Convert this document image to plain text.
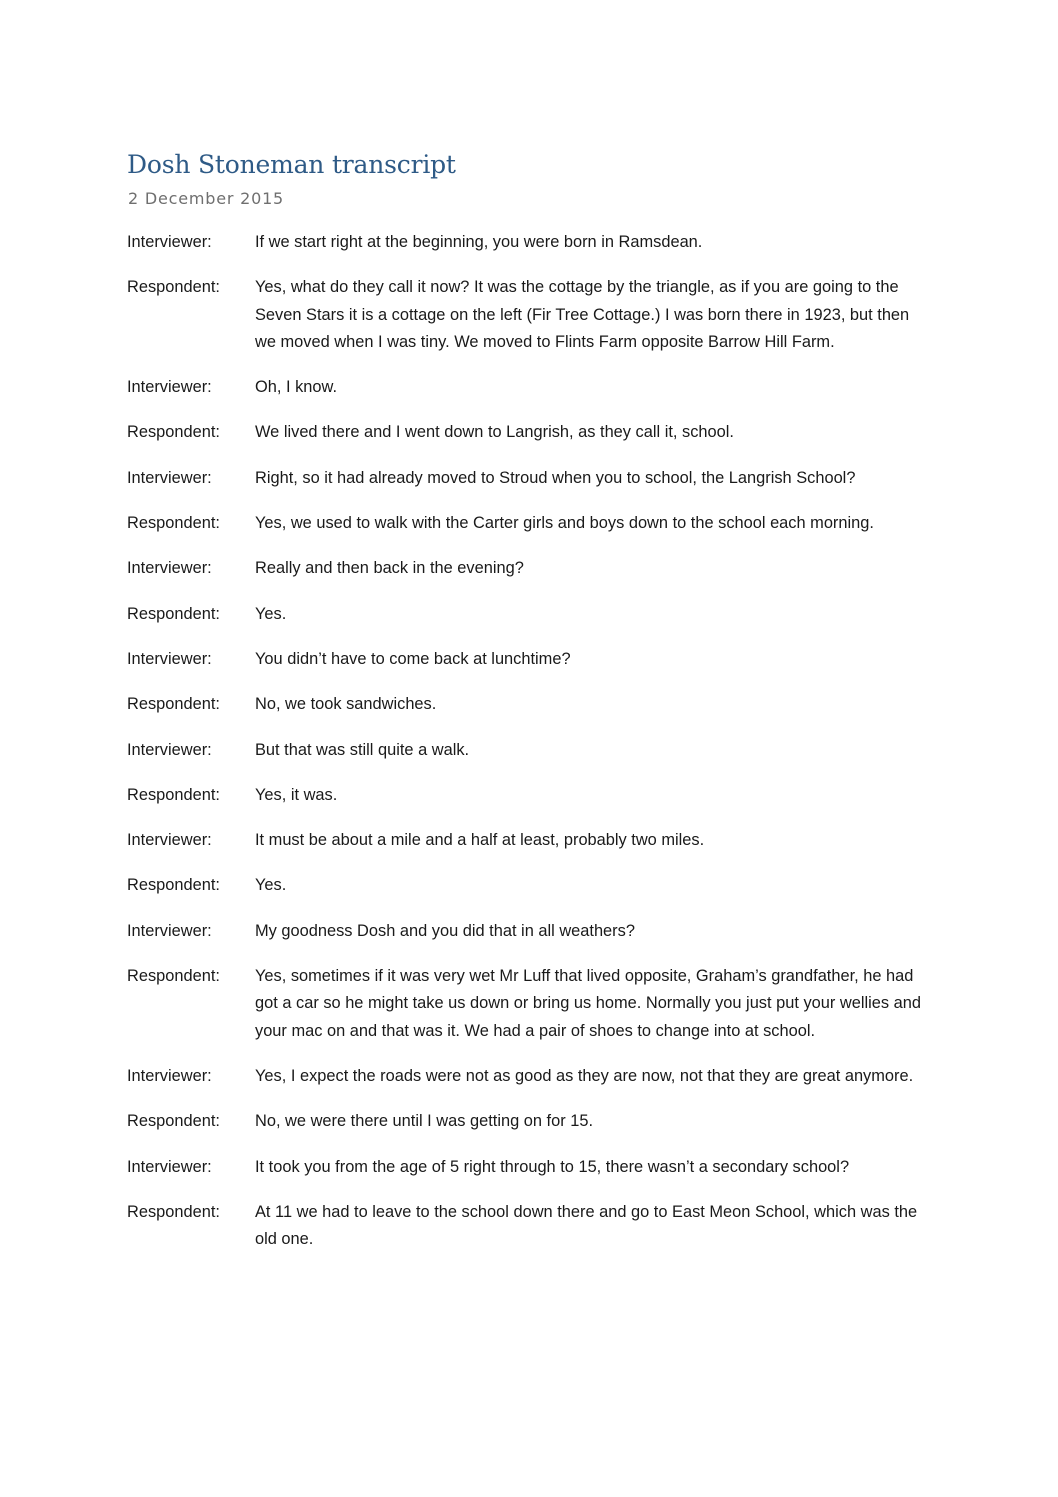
Dosh Stoneman transcript
2 December 2015
Interviewer:	If we start right at the beginning, you were born in Ramsdean.
Respondent:	Yes, what do they call it now? It was the cottage by the triangle, as if you are going to the Seven Stars it is a cottage on the left (Fir Tree Cottage.) I was born there in 1923, but then we moved when I was tiny. We moved to Flints Farm opposite Barrow Hill Farm.
Interviewer:	Oh, I know.
Respondent:	We lived there and I went down to Langrish, as they call it, school.
Interviewer:	Right, so it had already moved to Stroud when you to school, the Langrish School?
Respondent:	Yes, we used to walk with the Carter girls and boys down to the school each morning.
Interviewer:	Really and then back in the evening?
Respondent:	Yes.
Interviewer:	You didn’t have to come back at lunchtime?
Respondent:	No, we took sandwiches.
Interviewer:	But that was still quite a walk.
Respondent:	Yes, it was.
Interviewer:	It must be about a mile and a half at least, probably two miles.
Respondent:	Yes.
Interviewer:	My goodness Dosh and you did that in all weathers?
Respondent:	Yes, sometimes if it was very wet Mr Luff that lived opposite, Graham’s grandfather, he had got a car so he might take us down or bring us home. Normally you just put your wellies and your mac on and that was it. We had a pair of shoes to change into at school.
Interviewer:	Yes, I expect the roads were not as good as they are now, not that they are great anymore.
Respondent:	No, we were there until I was getting on for 15.
Interviewer:	It took you from the age of 5 right through to 15, there wasn’t a secondary school?
Respondent:	At 11 we had to leave to the school down there and go to East Meon School, which was the old one.
